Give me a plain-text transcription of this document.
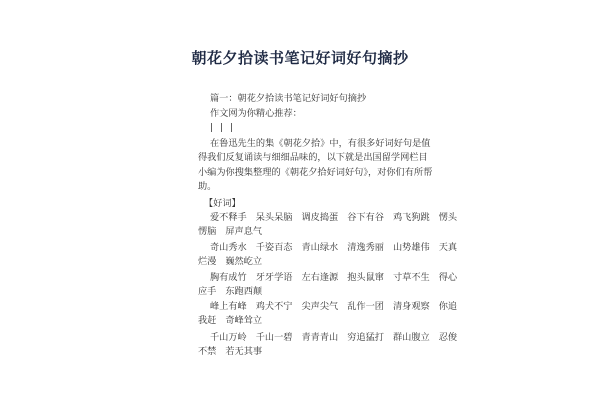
朝花夕拾读书笔记好词好句摘抄
篇一：朝花夕拾读书笔记好词好句摘抄
作文网为你精心推荐：
| | |
在鲁迅先生的集《朝花夕拾》中，有很多好词好句是值
得我们反复诵读与细细品味的，以下就是出国留学网栏目
小编为你搜集整理的《朝花夕拾好词好句》，对你们有所帮
助。
【好词】
爱不释手 呆头呆脑 调皮捣蛋 谷下有谷 鸡飞狗跳 愣头
愣脑 屏声息气
奇山秀水 千姿百态 青山绿水 清逸秀丽 山势雄伟 天真
烂漫 巍然屹立
胸有成竹 牙牙学语 左右逢源 抱头鼠窜 寸草不生 得心
应手 东跑西颠
峰上有峰 鸡犬不宁 尖声尖气 乱作一团 清身观察 你追
我赶 奇峰耸立
千山万岭 千山一碧 青青青山 穷追猛打 群山腹立 忍俊
不禁 若无其事
